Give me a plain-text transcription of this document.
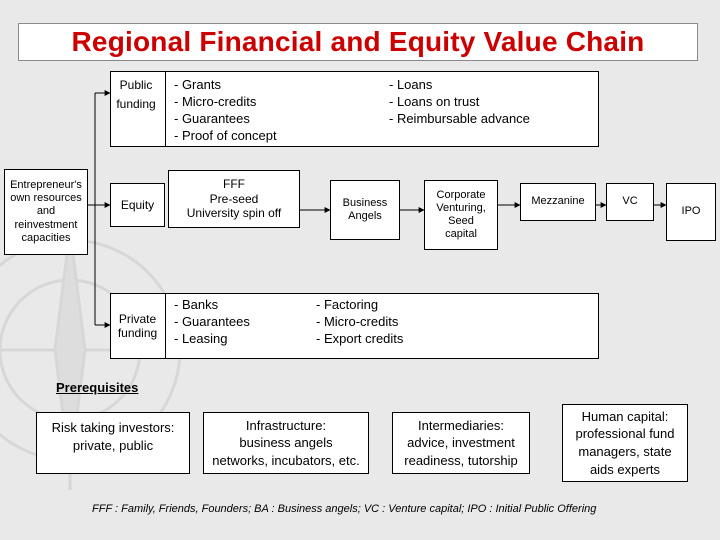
Regional Financial and Equity Value Chain
Entrepreneur's own resources and reinvestment capacities
Public
funding
- Grants
- Micro-credits
- Guarantees
- Proof of concept
- Loans
- Loans on trust
- Reimbursable advance
Equity
FFF
Pre-seed
University spin off
Business
Angels
Corporate
Venturing,
Seed
capital
Mezzanine	VC
IPO
Private
funding
- Banks
- Guarantees
- Leasing
- Factoring
- Micro-credits
- Export credits
Prerequisites
Risk taking investors:
private, public
Infrastructure:
business angels
networks, incubators, etc.
Intermediaries:
advice, investment
readiness, tutorship
Human capital:
professional fund
managers, state
aids experts
FFF : Family, Friends, Founders; BA : Business angels; VC : Venture capital; IPO : Initial Public Offering
